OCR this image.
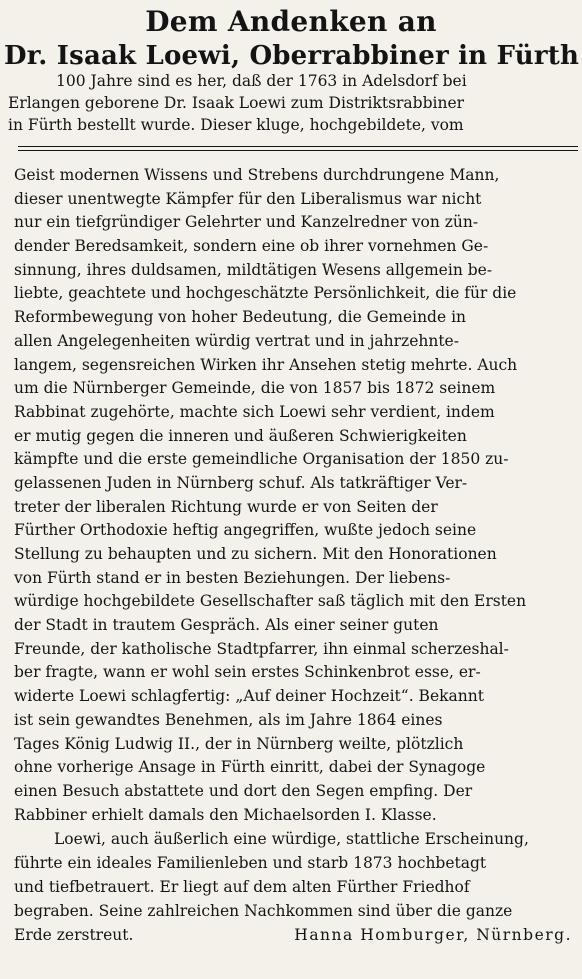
Dem Andenken an
Dr. Isaak Loewi, Oberrabbiner in Fürth
100 Jahre sind es her, daß der 1763 in Adelsdorf bei
Erlangen geborene Dr. Isaak Loewi zum Distriktsrabbiner
in Fürth bestellt wurde. Dieser kluge, hochgebildete, vom
Geist modernen Wissens und Strebens durchdrungene Mann,
dieser unentwegte Kämpfer für den Liberalismus war nicht
nur ein tiefgründiger Gelehrter und Kanzelredner von zün-
dender Beredsamkeit, sondern eine ob ihrer vornehmen Ge-
sinnung, ihres duldsamen, mildtätigen Wesens allgemein be-
liebte, geachtete und hochgeschätzte Persönlichkeit, die für die
Reformbewegung von hoher Bedeutung, die Gemeinde in
allen Angelegenheiten würdig vertrat und in jahrzehnte-
langem, segensreichen Wirken ihr Ansehen stetig mehrte. Auch
um die Nürnberger Gemeinde, die von 1857 bis 1872 seinem
Rabbinat zugehörte, machte sich Loewi sehr verdient, indem
er mutig gegen die inneren und äußeren Schwierigkeiten
kämpfte und die erste gemeindliche Organisation der 1850 zu-
gelassenen Juden in Nürnberg schuf. Als tatkräftiger Ver-
treter der liberalen Richtung wurde er von Seiten der
Fürther Orthodoxie heftig angegriffen, wußte jedoch seine
Stellung zu behaupten und zu sichern. Mit den Honorationen
von Fürth stand er in besten Beziehungen. Der liebens-
würdige hochgebildete Gesellschafter saß täglich mit den Ersten
der Stadt in trautem Gespräch. Als einer seiner guten
Freunde, der katholische Stadtpfarrer, ihn einmal scherzeshal-
ber fragte, wann er wohl sein erstes Schinkenbrot esse, er-
widerte Loewi schlagfertig: „Auf deiner Hochzeit“. Bekannt
ist sein gewandtes Benehmen, als im Jahre 1864 eines
Tages König Ludwig II., der in Nürnberg weilte, plötzlich
ohne vorherige Ansage in Fürth einritt, dabei der Synagoge
einen Besuch abstattete und dort den Segen empfing. Der
Rabbiner erhielt damals den Michaelsorden I. Klasse.
Loewi, auch äußerlich eine würdige, stattliche Erscheinung,
führte ein ideales Familienleben und starb 1873 hochbetagt
und tiefbetrauert. Er liegt auf dem alten Fürther Friedhof
begraben. Seine zahlreichen Nachkommen sind über die ganze
Erde zerstreut.	Hanna Homburger, Nürnberg.
